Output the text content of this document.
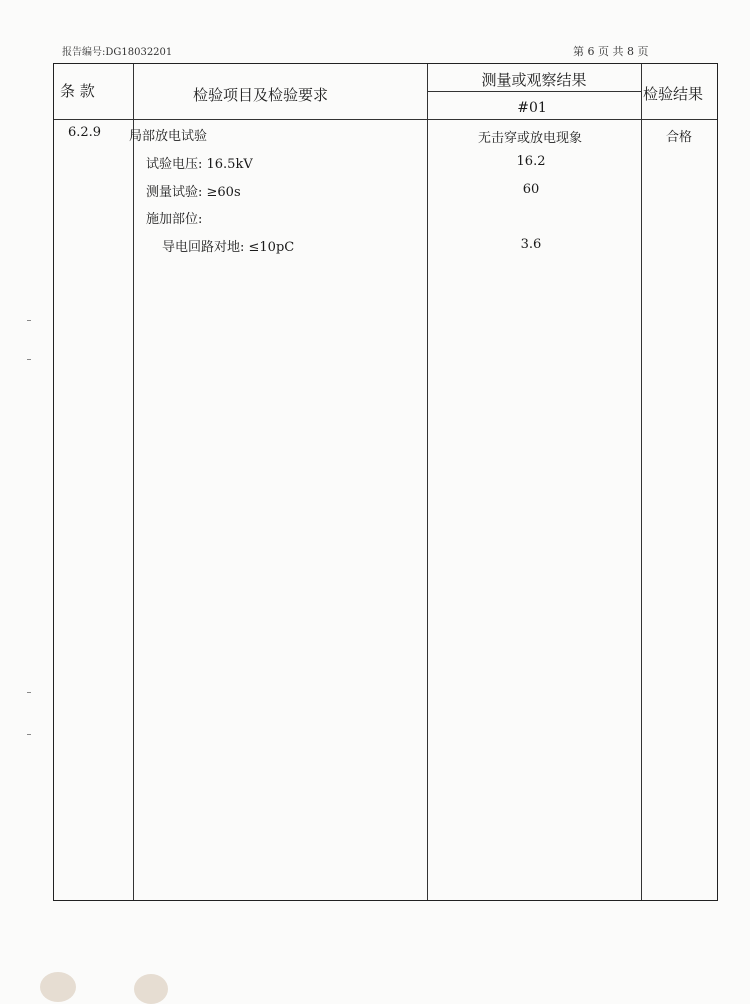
报告编号:DG18032201	第 6 页 共 8 页
条 款	检验项目及检验要求
测量或观察结果
#01
检验结果
6.2.9 局部放电试验
试验电压: 16.5kV
测量试验: ≥60s
施加部位:
导电回路对地: ≤10pC
无击穿或放电现象
16.2
60
3.6
合格
